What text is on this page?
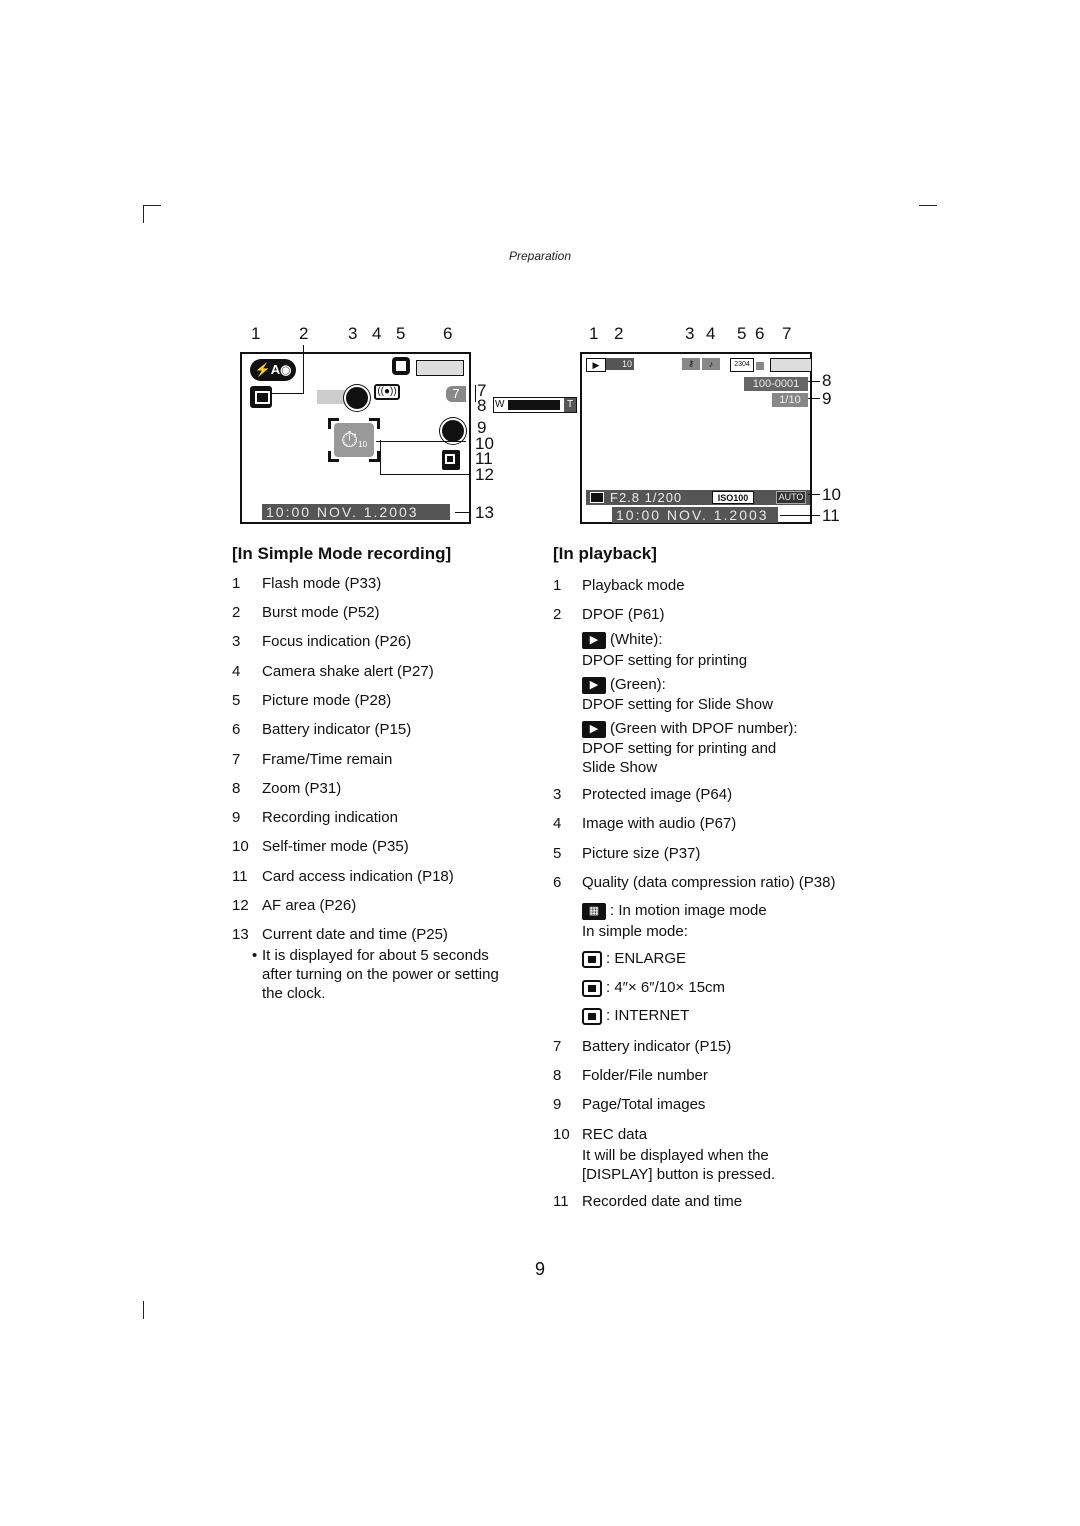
Preparation
1 2 3 4 5 6
⚡A◉
((●))	7
⏱10
10:00 NOV. 1.2003
7
8
9
10
11
12
13
W	T
1 2	3 4 5 6 7
▶	10	⚷	♪	2304
100-0001
1/10
F2.8 1/200	ISO100	AUTO
10:00 NOV. 1.2003
8
9
10
11
[In Simple Mode recording]
1 Flash mode (P33)
2 Burst mode (P52)
3 Focus indication (P26)
4 Camera shake alert (P27)
5 Picture mode (P28)
6 Battery indicator (P15)
7 Frame/Time remain
8 Zoom (P31)
9 Recording indication
10 Self-timer mode (P35)
11 Card access indication (P18)
12 AF area (P26)
13 Current date and time (P25)
• It is displayed for about 5 seconds
after turning on the power or setting
the clock.
[In playback]
1 Playback mode
2 DPOF (P61)
▶ (White):
DPOF setting for printing
▶ (Green):
DPOF setting for Slide Show
▶ (Green with DPOF number):
DPOF setting for printing and
Slide Show
3 Protected image (P64)
4 Image with audio (P67)
5 Picture size (P37)
6 Quality (data compression ratio) (P38)
▦ : In motion image mode
In simple mode:
: ENLARGE
: 4″× 6″/10× 15cm
: INTERNET
7 Battery indicator (P15)
8 Folder/File number
9 Page/Total images
10 REC data
It will be displayed when the
[DISPLAY] button is pressed.
11 Recorded date and time
9
